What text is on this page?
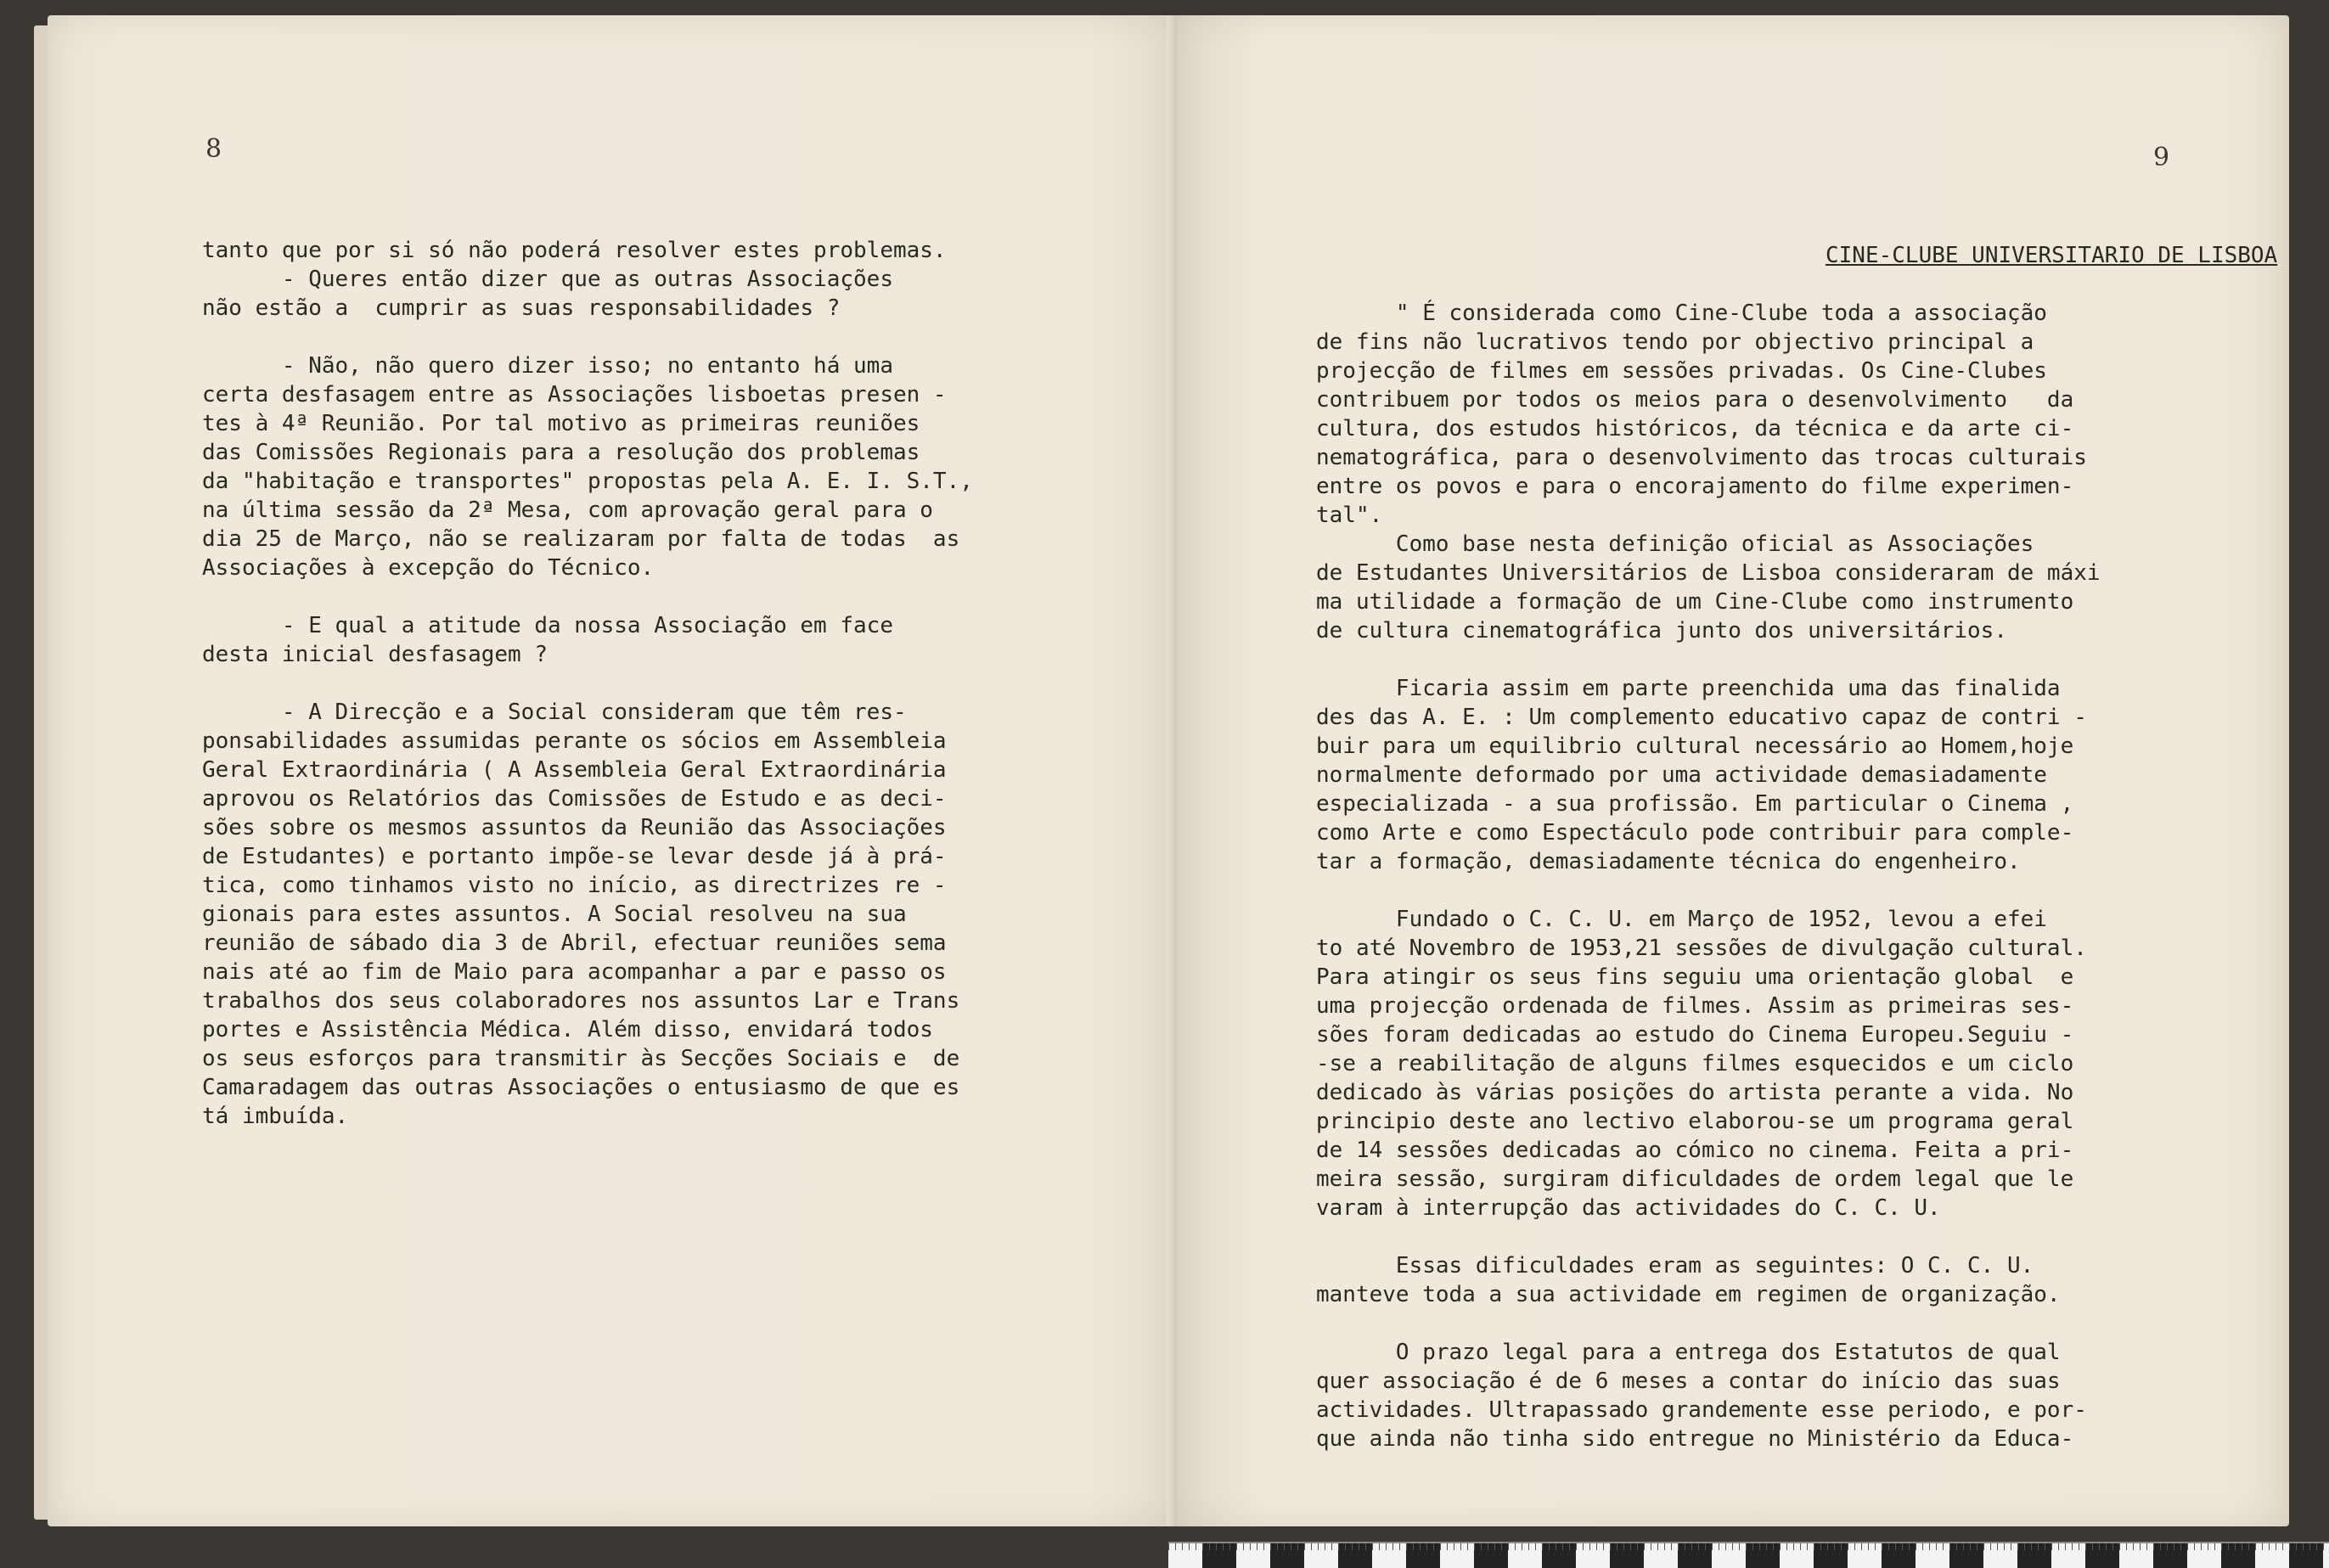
8
tanto que por si só não poderá resolver estes problemas.
- Queres então dizer que as outras Associações
não estão a  cumprir as suas responsabilidades ?

- Não, não quero dizer isso; no entanto há uma
certa desfasagem entre as Associações lisboetas presen -
tes à 4ª Reunião. Por tal motivo as primeiras reuniões
das Comissões Regionais para a resolução dos problemas
da "habitação e transportes" propostas pela A. E. I. S.T.,
na última sessão da 2ª Mesa, com aprovação geral para o
dia 25 de Março, não se realizaram por falta de todas  as
Associações à excepção do Técnico.

- E qual a atitude da nossa Associação em face
desta inicial desfasagem ?

- A Direcção e a Social consideram que têm res-
ponsabilidades assumidas perante os sócios em Assembleia
Geral Extraordinária ( A Assembleia Geral Extraordinária
aprovou os Relatórios das Comissões de Estudo e as deci-
sões sobre os mesmos assuntos da Reunião das Associações
de Estudantes) e portanto impõe-se levar desde já à prá-
tica, como tinhamos visto no início, as directrizes re -
gionais para estes assuntos. A Social resolveu na sua
reunião de sábado dia 3 de Abril, efectuar reuniões sema
nais até ao fim de Maio para acompanhar a par e passo os
trabalhos dos seus colaboradores nos assuntos Lar e Trans
portes e Assistência Médica. Além disso, envidará todos
os seus esforços para transmitir às Secções Sociais e  de
Camaradagem das outras Associações o entusiasmo de que es
tá imbuída.
9
CINE-CLUBE UNIVERSITARIO DE LISBOA

" É considerada como Cine-Clube toda a associação
de fins não lucrativos tendo por objectivo principal a
projecção de filmes em sessões privadas. Os Cine-Clubes
contribuem por todos os meios para o desenvolvimento   da
cultura, dos estudos históricos, da técnica e da arte ci-
nematográfica, para o desenvolvimento das trocas culturais
entre os povos e para o encorajamento do filme experimen-
tal".
Como base nesta definição oficial as Associações
de Estudantes Universitários de Lisboa consideraram de máxi
ma utilidade a formação de um Cine-Clube como instrumento
de cultura cinematográfica junto dos universitários.

Ficaria assim em parte preenchida uma das finalida
des das A. E. : Um complemento educativo capaz de contri -
buir para um equilibrio cultural necessário ao Homem,hoje
normalmente deformado por uma actividade demasiadamente
especializada - a sua profissão. Em particular o Cinema ,
como Arte e como Espectáculo pode contribuir para comple-
tar a formação, demasiadamente técnica do engenheiro.

Fundado o C. C. U. em Março de 1952, levou a efei
to até Novembro de 1953,21 sessões de divulgação cultural.
Para atingir os seus fins seguiu uma orientação global  e
uma projecção ordenada de filmes. Assim as primeiras ses-
sões foram dedicadas ao estudo do Cinema Europeu.Seguiu -
-se a reabilitação de alguns filmes esquecidos e um ciclo
dedicado às várias posições do artista perante a vida. No
principio deste ano lectivo elaborou-se um programa geral
de 14 sessões dedicadas ao cómico no cinema. Feita a pri-
meira sessão, surgiram dificuldades de ordem legal que le
varam à interrupção das actividades do C. C. U.

Essas dificuldades eram as seguintes: O C. C. U.
manteve toda a sua actividade em regimen de organização.

O prazo legal para a entrega dos Estatutos de qual
quer associação é de 6 meses a contar do início das suas
actividades. Ultrapassado grandemente esse periodo, e por-
que ainda não tinha sido entregue no Ministério da Educa-
